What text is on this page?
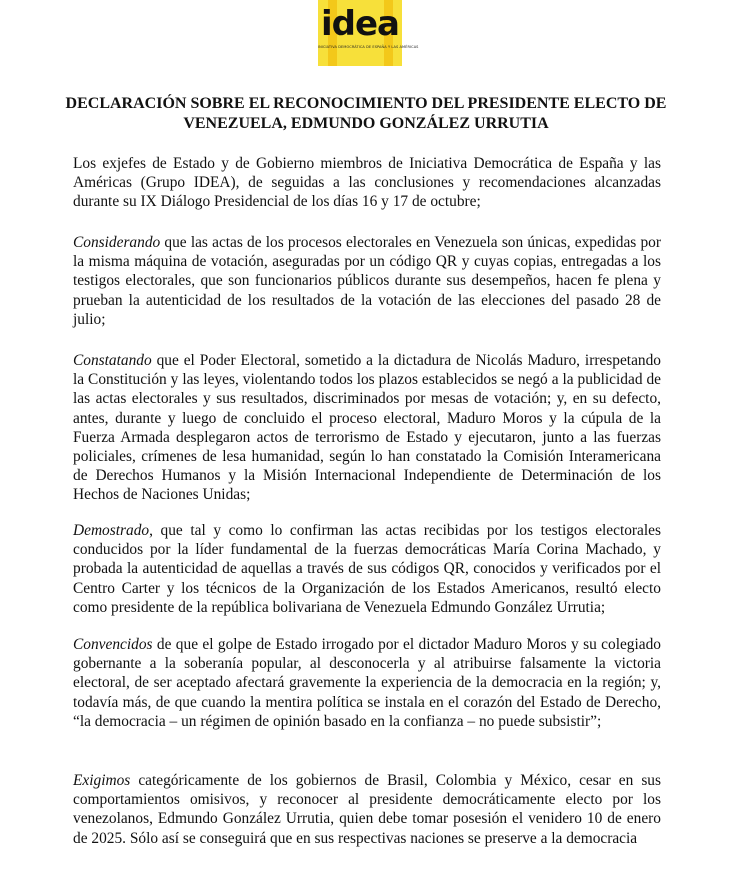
idea
INICIATIVA DEMOCRÁTICA DE ESPAÑA Y LAS AMÉRICAS
DECLARACIÓN SOBRE EL RECONOCIMIENTO DEL PRESIDENTE ELECTO DE VENEZUELA, EDMUNDO GONZÁLEZ URRUTIA

Los exjefes de Estado y de Gobierno miembros de Iniciativa Democrática de España y las Américas (Grupo IDEA), de seguidas a las conclusiones y recomendaciones alcanzadas durante su IX Diálogo Presidencial de los días 16 y 17 de octubre;

Considerando que las actas de los procesos electorales en Venezuela son únicas, expedidas por la misma máquina de votación, aseguradas por un código QR y cuyas copias, entregadas a los testigos electorales, que son funcionarios públicos durante sus desempeños, hacen fe plena y prueban la autenticidad de los resultados de la votación de las elecciones del pasado 28 de julio;

Constatando que el Poder Electoral, sometido a la dictadura de Nicolás Maduro, irrespetando la Constitución y las leyes, violentando todos los plazos establecidos se negó a la publicidad de las actas electorales y sus resultados, discriminados por mesas de votación; y, en su defecto, antes, durante y luego de concluido el proceso electoral, Maduro Moros y la cúpula de la Fuerza Armada desplegaron actos de terrorismo de Estado y ejecutaron, junto a las fuerzas policiales, crímenes de lesa humanidad, según lo han constatado la Comisión Interamericana de Derechos Humanos y la Misión Internacional Independiente de Determinación de los Hechos de Naciones Unidas;

Demostrado, que tal y como lo confirman las actas recibidas por los testigos electorales conducidos por la líder fundamental de la fuerzas democráticas María Corina Machado, y probada la autenticidad de aquellas a través de sus códigos QR, conocidos y verificados por el Centro Carter y los técnicos de la Organización de los Estados Americanos, resultó electo como presidente de la república bolivariana de Venezuela Edmundo González Urrutia;

Convencidos de que el golpe de Estado irrogado por el dictador Maduro Moros y su colegiado gobernante a la soberanía popular, al desconocerla y al atribuirse falsamente la victoria electoral, de ser aceptado afectará gravemente la experiencia de la democracia en la región; y, todavía más, de que cuando la mentira política se instala en el corazón del Estado de Derecho, “la democracia – un régimen de opinión basado en la confianza – no puede subsistir”;

Exigimos categóricamente de los gobiernos de Brasil, Colombia y México, cesar en sus comportamientos omisivos, y reconocer al presidente democráticamente electo por los venezolanos, Edmundo González Urrutia, quien debe tomar posesión el venidero 10 de enero de 2025. Sólo así se conseguirá que en sus respectivas naciones se preserve a la democracia
